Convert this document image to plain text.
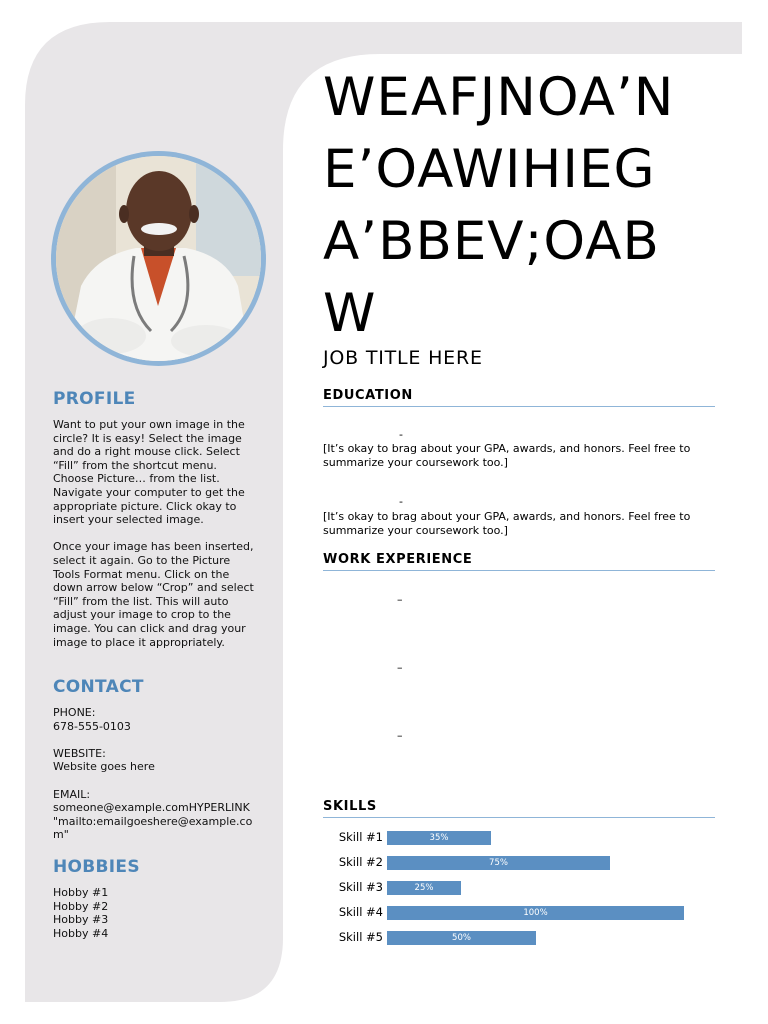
PROFILE

Want to put your own image in the
circle? It is easy! Select the image
and do a right mouse click. Select
“Fill” from the shortcut menu.
Choose Picture… from the list.
Navigate your computer to get the
appropriate picture. Click okay to
insert your selected image.

Once your image has been inserted,
select it again. Go to the Picture
Tools Format menu. Click on the
down arrow below “Crop” and select
“Fill” from the list. This will auto
adjust your image to crop to the
image. You can click and drag your
image to place it appropriately.

CONTACT

PHONE:

678-555-0103

WEBSITE:

Website goes here

EMAIL:

someone@example.comHYPERLINK
"mailto:emailgoeshere@example.co
m"

HOBBIES

Hobby #1

Hobby #2

Hobby #3

Hobby #4

WEAFJNOA’N
E’OAWIHIEG
A’BBEV;OAB
W
JOB TITLE HERE
EDUCATION
-
[It’s okay to brag about your GPA, awards, and honors. Feel free to summarize your coursework too.]
-
[It’s okay to brag about your GPA, awards, and honors. Feel free to summarize your coursework too.]
WORK EXPERIENCE
–
–
–
SKILLS
Skill #1	35%
Skill #2	75%
Skill #3	25%
Skill #4	100%
Skill #5	50%
